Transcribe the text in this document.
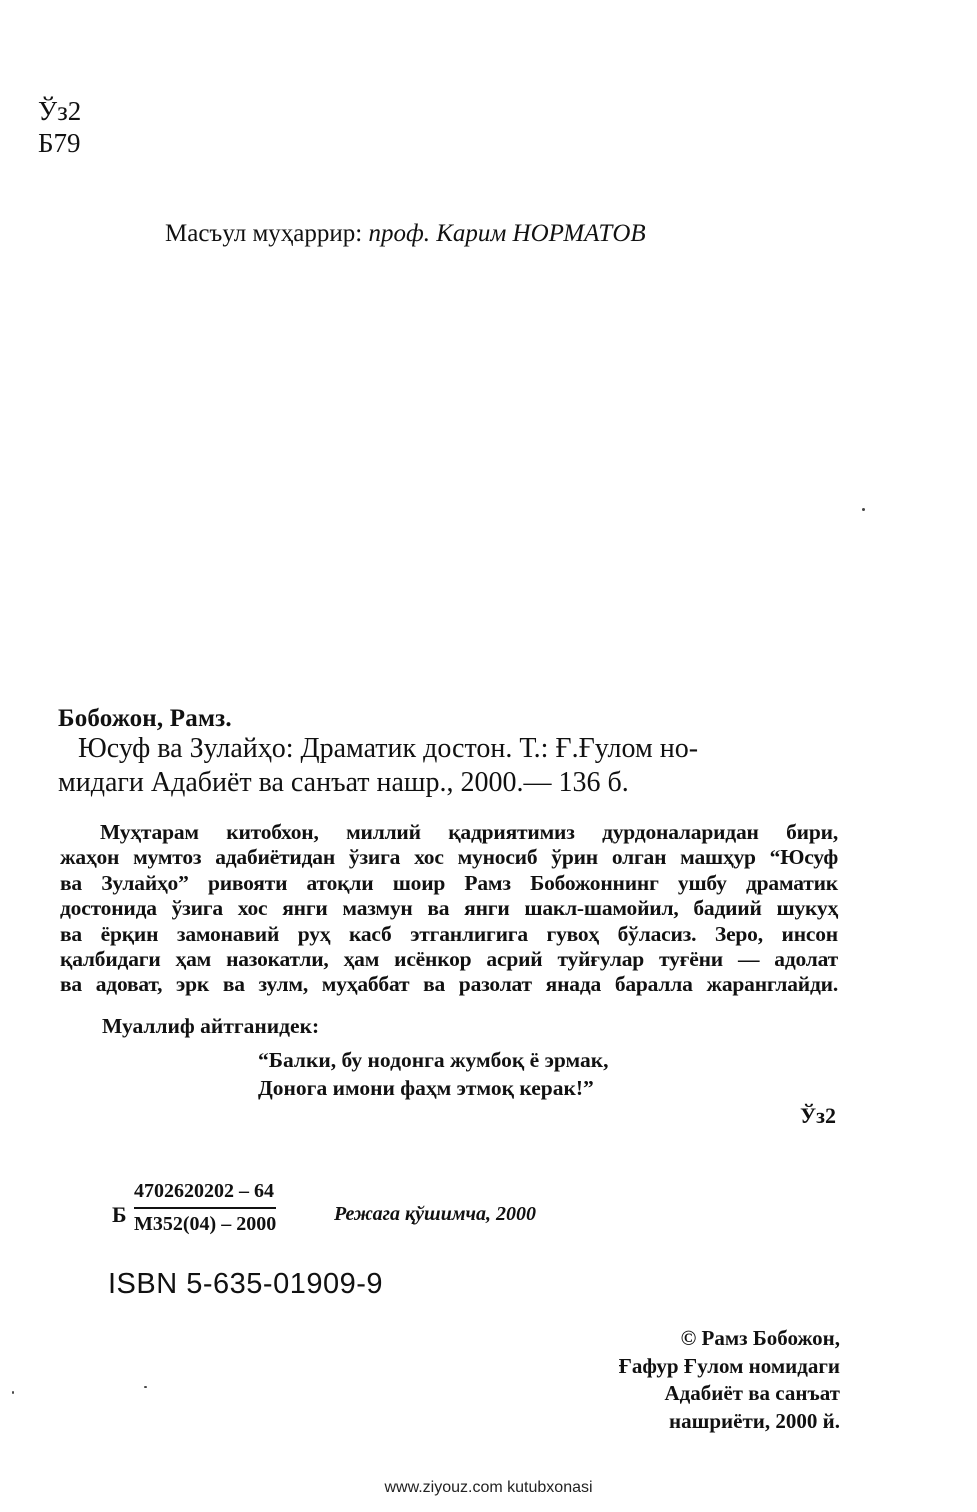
Ўз2
Б79
Масъул муҳаррир: проф. Карим НОРМАТОВ
Бобожон, Рамз.
Юсуф ва Зулайҳо: Драматик достон. Т.: Ғ.Ғулом но-
мидаги Адабиёт ва санъат нашр., 2000.— 136 б.
Муҳтарам китобхон, миллий қадриятимиз дурдоналаридан бири,
жаҳон мумтоз адабиётидан ўзига хос муносиб ўрин олган машҳур “Юсуф
ва Зулайҳо” ривояти атоқли шоир Рамз Бобожоннинг ушбу драматик
достонида ўзига хос янги мазмун ва янги шакл-шамойил, бадиий шукуҳ
ва ёрқин замонавий руҳ касб этганлигига гувоҳ бўласиз. Зеро, инсон
қалбидаги ҳам назокатли, ҳам исёнкор асрий туйғулар туғёни — адолат
ва адоват, эрк ва зулм, муҳаббат ва разолат янада баралла жаранглайди.
Муаллиф айтганидек:
“Балки, бу нодонга жумбоқ ё эрмак,
Донога имони фаҳм этмоқ керак!”
Ўз2
Б
4702620202 – 64
М352(04) – 2000	Режага қўшимча, 2000
ISBN 5-635-01909-9
© Рамз Бобожон,
Ғафур Ғулом номидаги
Адабиёт ва санъат
нашриёти, 2000 й.
www.ziyouz.com kutubxonasi
